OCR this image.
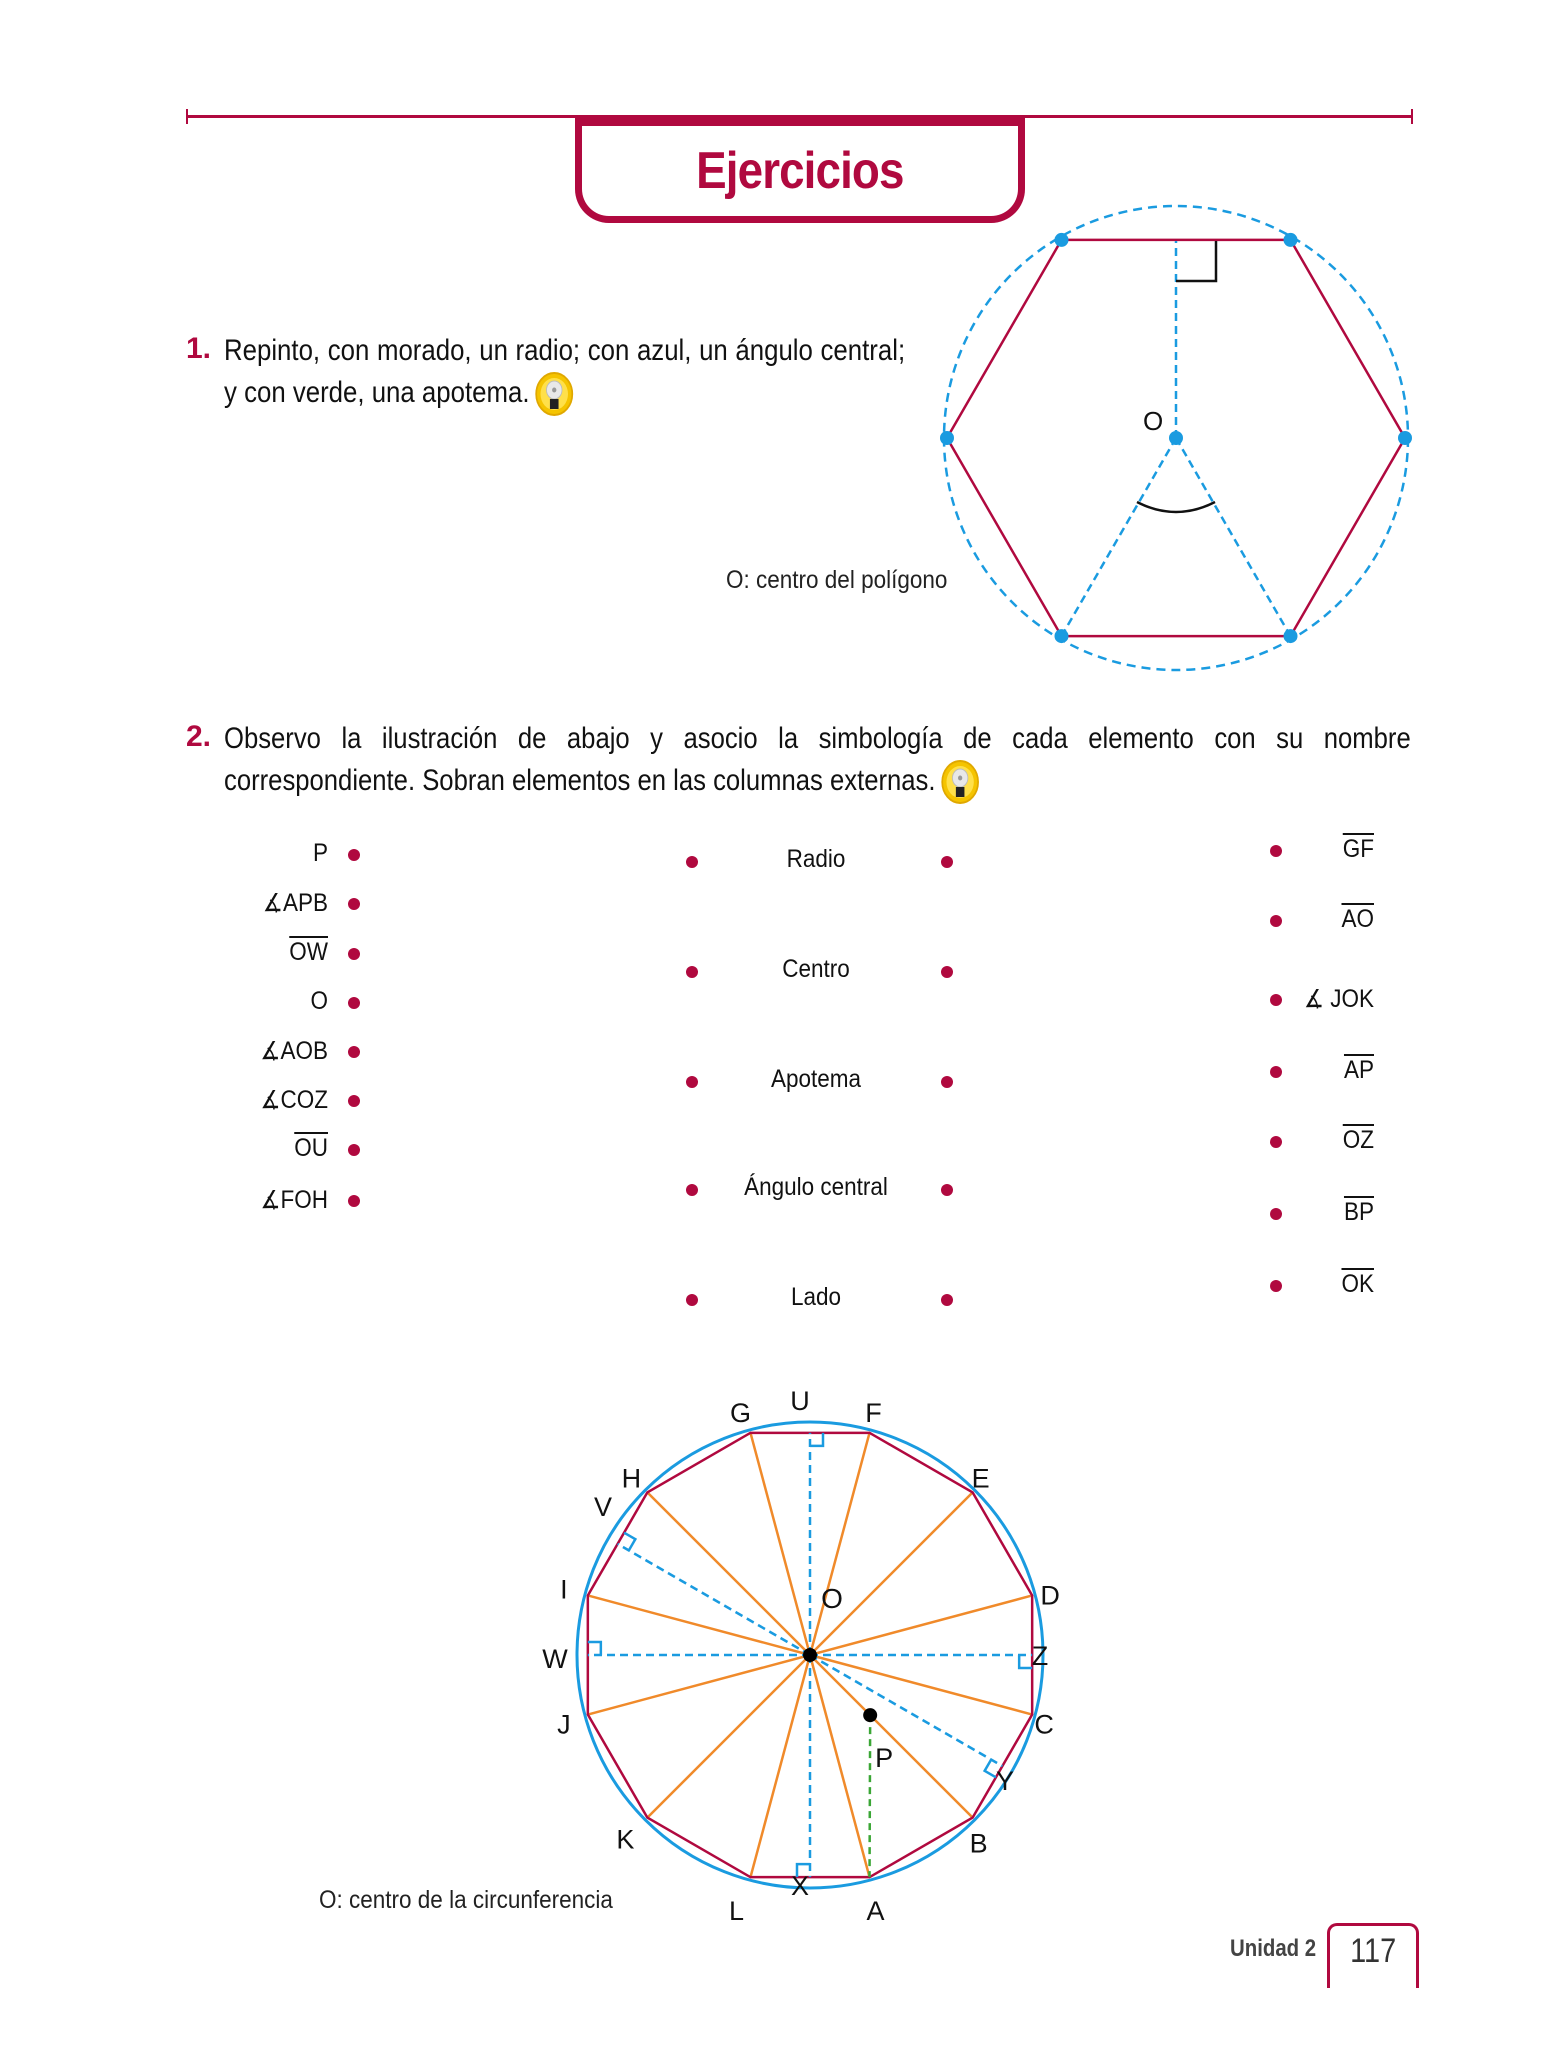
Ejercicios
1. Repinto, con morado, un radio; con azul, un ángulo central; y con verde, una apotema.
O
O: centro del polígono
2. Observo la ilustración de abajo y asocio la simbología de cada elemento con su nombre correspondiente. Sobran elementos en las columnas externas.
P
∡APB
$\overline{OW}$
O
∡AOB
∡COZ
$\overline{OU}$
∡FOH
Radio
Centro
Apotema
Ángulo central
Lado
$\overline{GF}$
$\overline{AO}$
∡ JOK
$\overline{AP}$
$\overline{OZ}$
$\overline{BP}$
$\overline{OK}$
D
E
F
G
H
I
J
K
L	A
B
C
Z
U
V
W
X
Y
O
P
O: centro de la circunferencia
Unidad 2 117
